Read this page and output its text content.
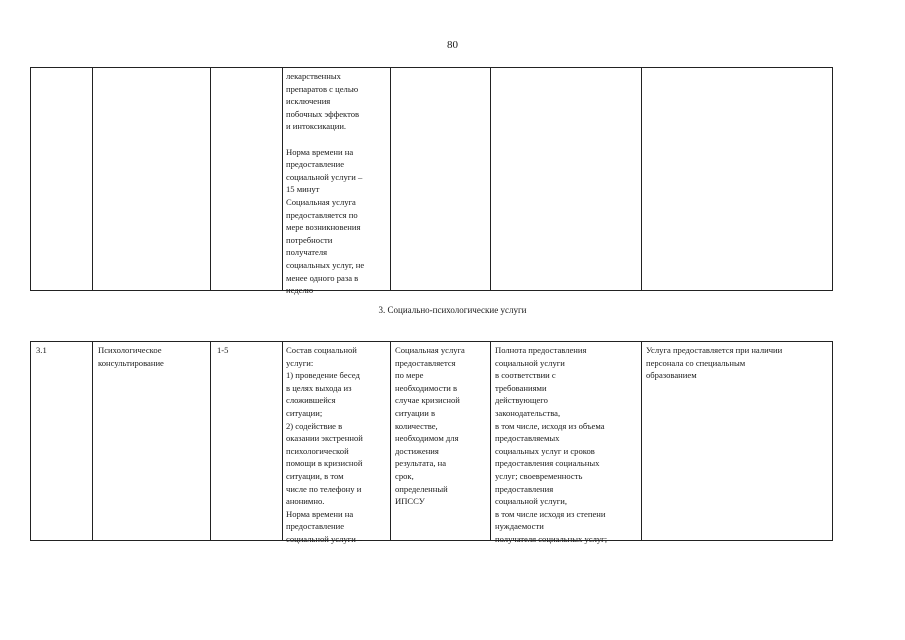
80
лекарственных
препаратов с целью
исключения
побочных эффектов
и интоксикации.

Норма времени на
предоставление
социальной услуги –
15 минут
Социальная услуга
предоставляется по
мере возникновения
потребности
получателя
социальных услуг, не
менее одного раза в
неделю
3. Социально-психологические услуги
3.1	Психологическое
консультирование
1-5	Состав социальной
услуги:
1) проведение бесед
в целях выхода из
сложившейся
ситуации;
2) содействие в
оказании экстренной
психологической
помощи в кризисной
ситуации, в том
числе по телефону и
анонимно.
Норма времени на
предоставление
социальной услуги –
Социальная услуга
предоставляется
по мере
необходимости в
случае кризисной
ситуации в
количестве,
необходимом для
достижения
результата, на
срок,
определенный
ИПССУ
Полнота предоставления
социальной услуги
в соответствии с
требованиями
действующего
законодательства,
в том числе, исходя из объема
предоставляемых
социальных услуг и сроков
предоставления социальных
услуг; своевременность
предоставления
социальной услуги,
в том числе исходя из степени
нуждаемости
получателя социальных услуг;
Услуга предоставляется при наличии
персонала со специальным
образованием
